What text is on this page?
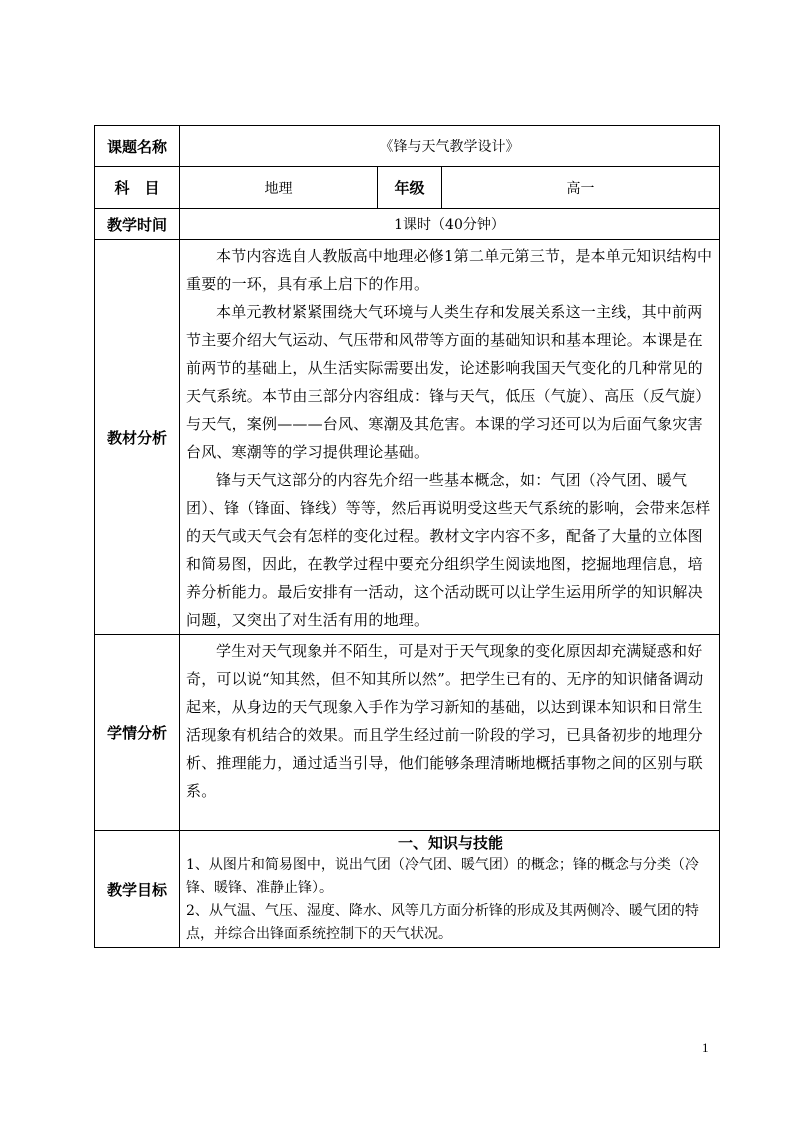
课题名称	《锋与天气教学设计》		
科　目	地理	年级	高一
教学时间	1课时（40分钟）		
教材分析	本节内容选自人教版高中地理必修1第二单元第三节，是本单元知识结构中重要的一环，具有承上启下的作用。

本单元教材紧紧围绕大气环境与人类生存和发展关系这一主线，其中前两节主要介绍大气运动、气压带和风带等方面的基础知识和基本理论。本课是在前两节的基础上，从生活实际需要出发，论述影响我国天气变化的几种常见的天气系统。本节由三部分内容组成：锋与天气，低压（气旋）、高压（反气旋）与天气，案例———台风、寒潮及其危害。本课的学习还可以为后面气象灾害台风、寒潮等的学习提供理论基础。

锋与天气这部分的内容先介绍一些基本概念，如：气团（冷气团、暖气团）、锋（锋面、锋线）等等，然后再说明受这些天气系统的影响，会带来怎样的天气或天气会有怎样的变化过程。教材文字内容不多，配备了大量的立体图和简易图，因此，在教学过程中要充分组织学生阅读地图，挖掘地理信息，培养分析能力。最后安排有一活动，这个活动既可以让学生运用所学的知识解决问题，又突出了对生活有用的地理。		

学情分析	学生对天气现象并不陌生，可是对于天气现象的变化原因却充满疑惑和好奇，可以说“知其然，但不知其所以然”。把学生已有的、无序的知识储备调动起来，从身边的天气现象入手作为学习新知的基础，以达到课本知识和日常生活现象有机结合的效果。而且学生经过前一阶段的学习，已具备初步的地理分析、推理能力，通过适当引导，他们能够条理清晰地概括事物之间的区别与联系。		

教学目标	一、知识与技能

1、从图片和简易图中，说出气团（冷气团、暖气团）的概念；锋的概念与分类（冷锋、暖锋、准静止锋）。

2、从气温、气压、湿度、降水、风等几方面分析锋的形成及其两侧冷、暖气团的特点，并综合出锋面系统控制下的天气状况。		

1
